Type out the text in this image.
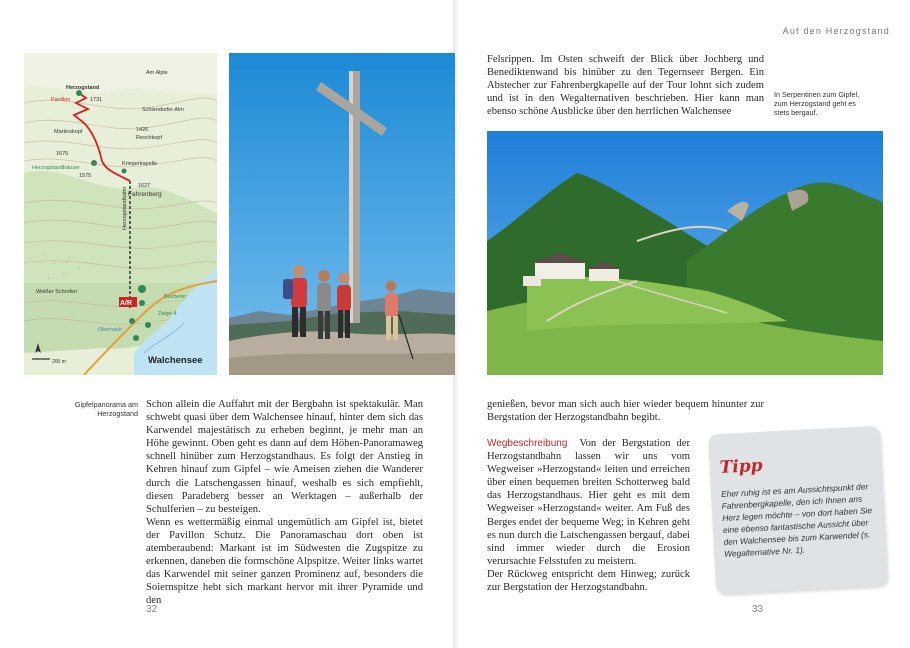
Auf den Herzogstand
A/R
Am Alple
Herzogstand
Pavillon	1731
Martinskopf
Schlendorfer Alm
1426
Reschkopf
1675
Herzogstandhäuser
1575
Kriegerkapelle
1627
Fahrenberg
Weißer Schrofen
Bucherer
Zeige 4
Obernach
200 m
Herzogstandbahn
Walchensee
Gipfelpanorama am Herzogstand

Schon allein die Auffahrt mit der Bergbahn ist spektakulär. Man schwebt quasi über dem Walchensee hinauf, hinter dem sich das Karwendel majestätisch zu erheben beginnt, je mehr man an Höhe gewinnt. Oben geht es dann auf dem Höhen-Panoramaweg schnell hinüber zum Herzogstandhaus. Es folgt der Anstieg in Kehren hinauf zum Gipfel – wie Ameisen ziehen die Wanderer durch die Latschengassen hinauf, weshalb es sich empfiehlt, diesen Paradeberg besser an Werktagen – außerhalb der Schulferien – zu besteigen.

Wenn es wettermäßig einmal ungemütlich am Gipfel ist, bietet der Pavillon Schutz. Die Panoramaschau dort oben ist atemberaubend: Markant ist im Südwesten die Zugspitze zu erkennen, daneben die formschöne Alpspitze. Weiter links wartet das Karwendel mit seiner ganzen Prominenz auf, besonders die Soiernspitze hebt sich markant hervor mit ihrer Pyramide und den

32
Felsrippen. Im Osten schweift der Blick über Jochberg und Benediktenwand bis hinüber zu den Tegernseer Bergen. Ein Abstecher zur Fahrenbergkapelle auf der Tour lohnt sich zudem und ist in den Wegalternativen beschrieben. Hier kann man ebenso schöne Ausblicke über den herrlichen Walchensee
In Serpentinen zum Gipfel, zum Herzogstand geht es stets bergauf.
genießen, bevor man sich auch hier wieder bequem hinunter zur Bergstation der Herzogstandbahn begibt.

Wegbeschreibung Von der Bergstation der Herzogstandbahn lassen wir uns vom Wegweiser »Herzogstand« leiten und erreichen über einen bequemen breiten Schotterweg bald das Herzogstandhaus. Hier geht es mit dem Wegweiser »Herzogstand« weiter. Am Fuß des Berges endet der bequeme Weg; in Kehren geht es nun durch die Latschengassen bergauf, dabei sind immer wieder durch die Erosion verursachte Felsstufen zu meistern.

Der Rückweg entspricht dem Hinweg; zurück zur Bergstation der Herzogstandbahn.

Tipp
Eher ruhig ist es am Aussichtspunkt der Fahrenbergkapelle, den ich Ihnen ans Herz legen möchte – von dort haben Sie eine ebenso fantastische Aussicht über den Walchensee bis zum Karwendel (s. Wegalternative Nr. 1).
33
